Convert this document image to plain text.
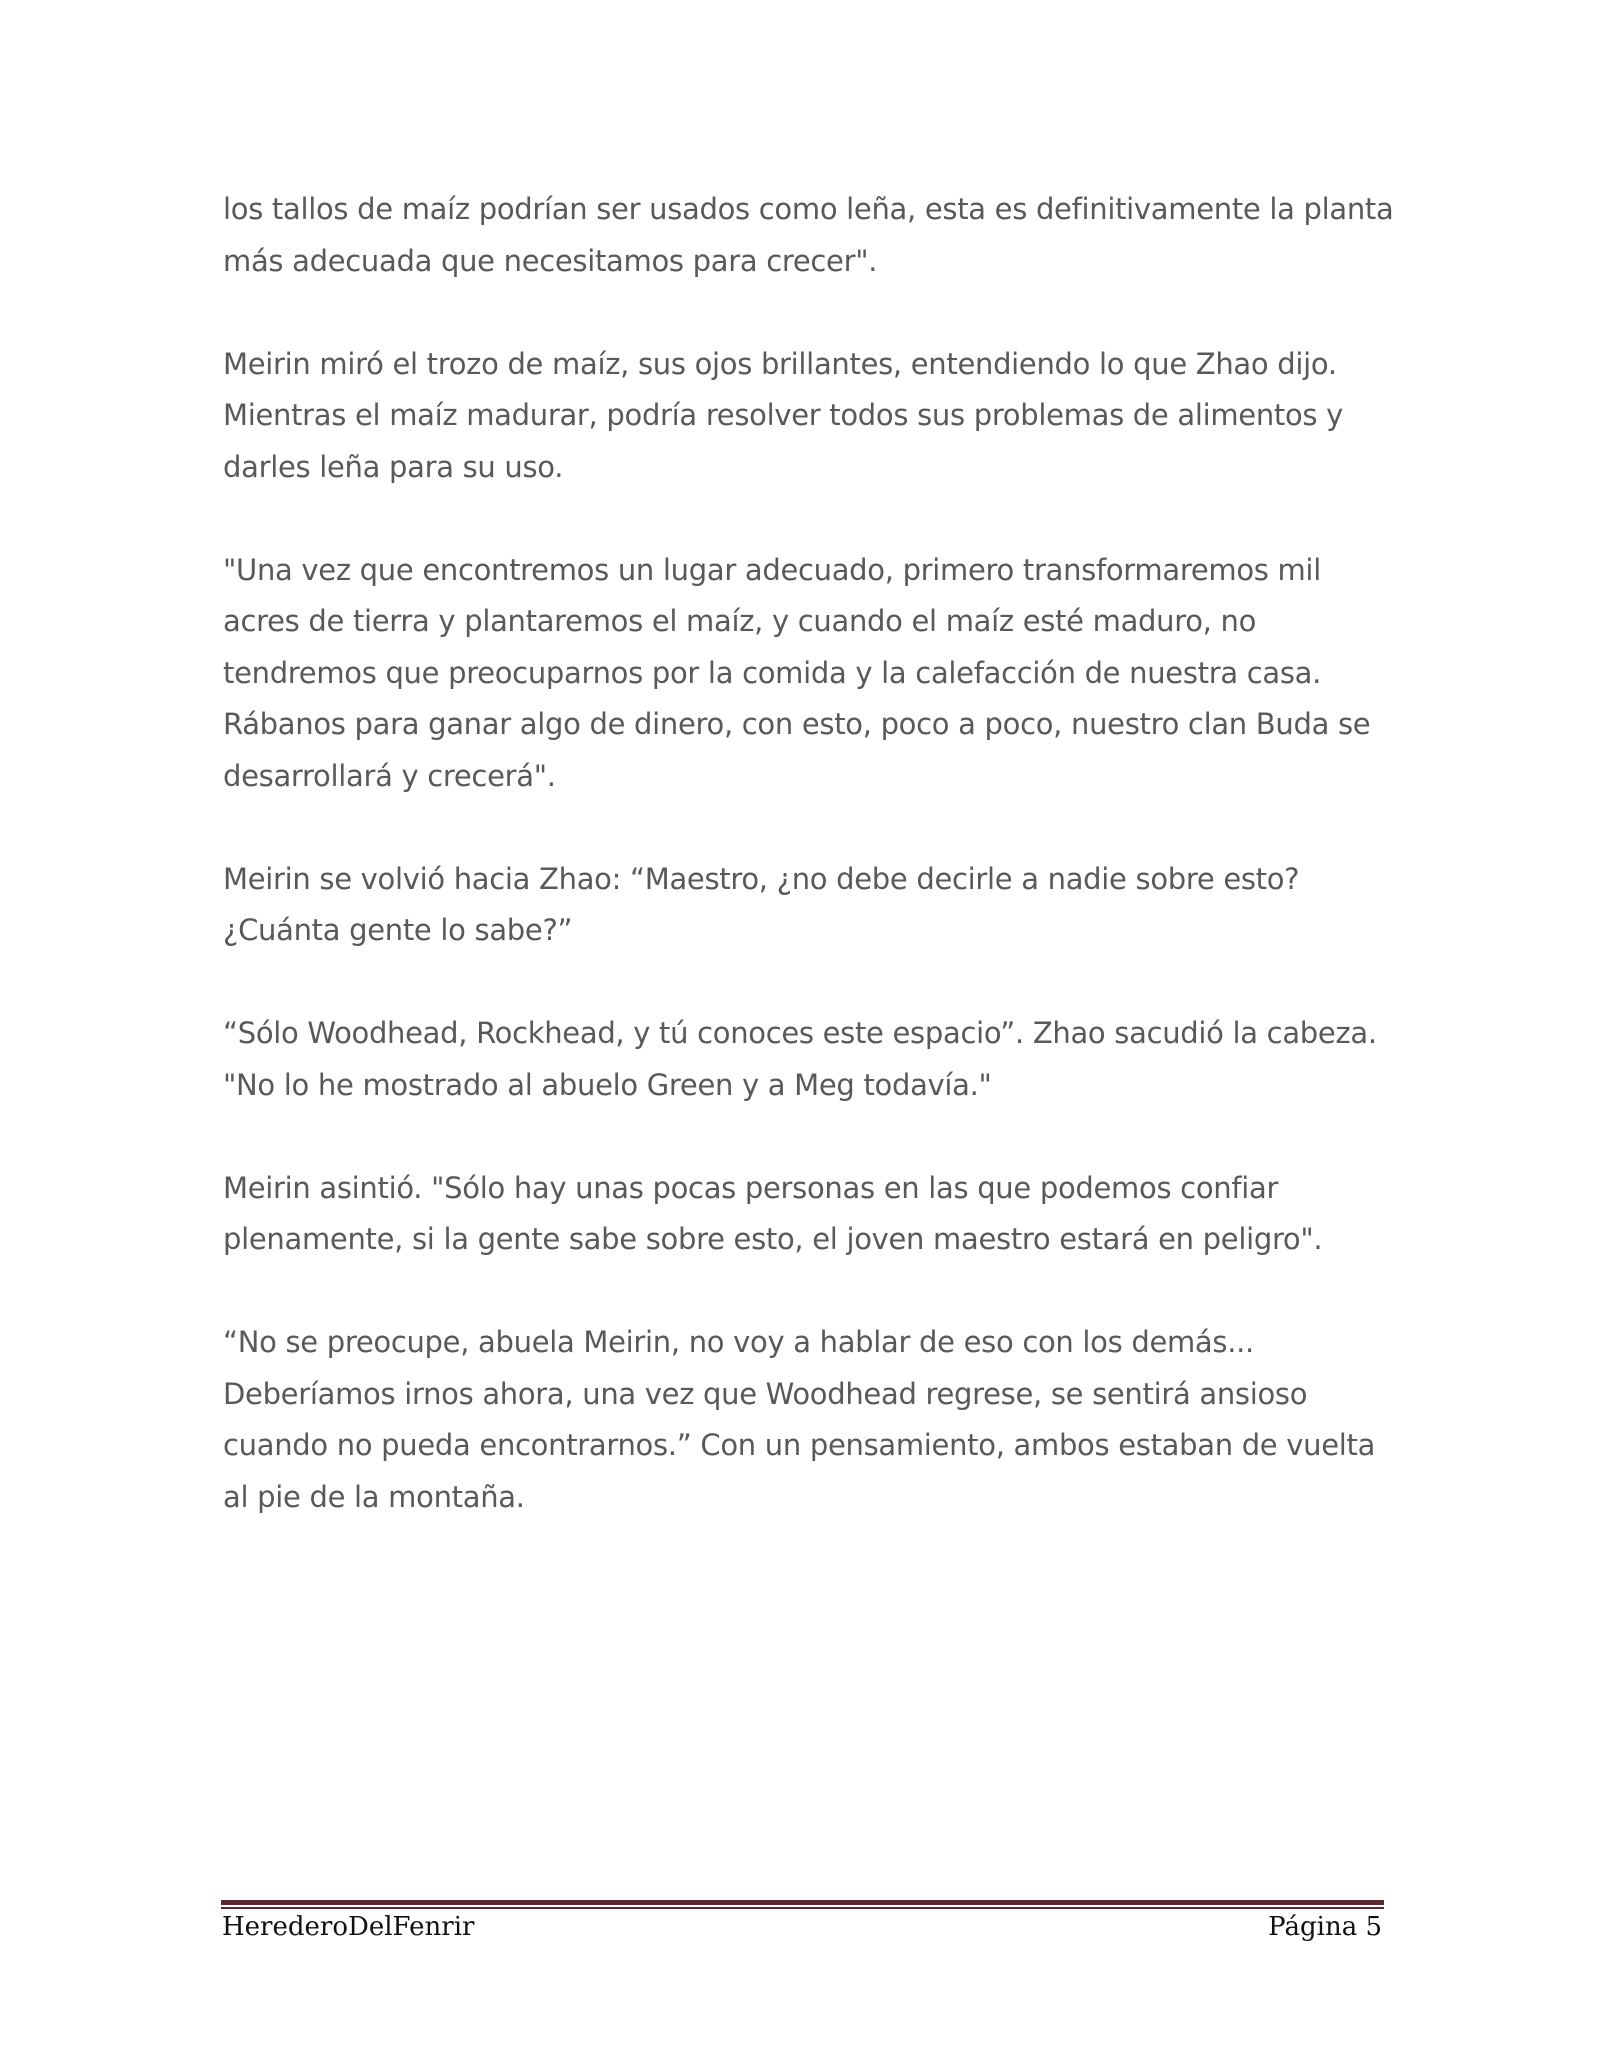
los tallos de maíz podrían ser usados como leña, esta es definitivamente la planta más adecuada que necesitamos para crecer".

Meirin miró el trozo de maíz, sus ojos brillantes, entendiendo lo que Zhao dijo. Mientras el maíz madurar, podría resolver todos sus problemas de alimentos y darles leña para su uso.

"Una vez que encontremos un lugar adecuado, primero transformaremos mil acres de tierra y plantaremos el maíz, y cuando el maíz esté maduro, no tendremos que preocuparnos por la comida y la calefacción de nuestra casa. Rábanos para ganar algo de dinero, con esto, poco a poco, nuestro clan Buda se desarrollará y crecerá".

Meirin se volvió hacia Zhao: “Maestro, ¿no debe decirle a nadie sobre esto? ¿Cuánta gente lo sabe?”

“Sólo Woodhead, Rockhead, y tú conoces este espacio”. Zhao sacudió la cabeza. "No lo he mostrado al abuelo Green y a Meg todavía."

Meirin asintió. "Sólo hay unas pocas personas en las que podemos confiar plenamente, si la gente sabe sobre esto, el joven maestro estará en peligro".

“No se preocupe, abuela Meirin, no voy a hablar de eso con los demás... Deberíamos irnos ahora, una vez que Woodhead regrese, se sentirá ansioso cuando no pueda encontrarnos.” Con un pensamiento, ambos estaban de vuelta al pie de la montaña.

HerederoDelFenrir	Página 5
